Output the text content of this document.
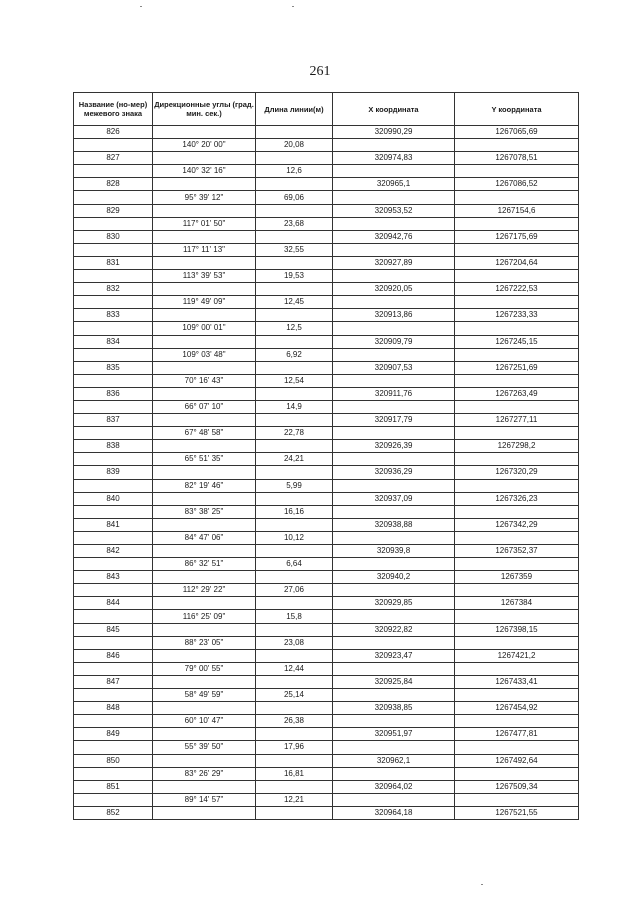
261
Название (но-мер) межевого знака	Дирекционные углы (град. мин. сек.)	Длина линии(м)	X координата	Y координата
826			320990,29	1267065,69
	140° 20' 00"	20,08		
827			320974,83	1267078,51
	140° 32' 16"	12,6		
828			320965,1	1267086,52
	95° 39' 12"	69,06		
829			320953,52	1267154,6
	117° 01' 50"	23,68		
830			320942,76	1267175,69
	117° 11' 13"	32,55		
831			320927,89	1267204,64
	113° 39' 53"	19,53		
832			320920,05	1267222,53
	119° 49' 09"	12,45		
833			320913,86	1267233,33
	109° 00' 01"	12,5		
834			320909,79	1267245,15
	109° 03' 48"	6,92		
835			320907,53	1267251,69
	70° 16' 43"	12,54		
836			320911,76	1267263,49
	66° 07' 10"	14,9		
837			320917,79	1267277,11
	67° 48' 58"	22,78		
838			320926,39	1267298,2
	65° 51' 35"	24,21		
839			320936,29	1267320,29
	82° 19' 46"	5,99		
840			320937,09	1267326,23
	83° 38' 25"	16,16		
841			320938,88	1267342,29
	84° 47' 06"	10,12		
842			320939,8	1267352,37
	86° 32' 51"	6,64		
843			320940,2	1267359
	112° 29' 22"	27,06		
844			320929,85	1267384
	116° 25' 09"	15,8		
845			320922,82	1267398,15
	88° 23' 05"	23,08		
846			320923,47	1267421,2
	79° 00' 55"	12,44		
847			320925,84	1267433,41
	58° 49' 59"	25,14		
848			320938,85	1267454,92
	60° 10' 47"	26,38		
849			320951,97	1267477,81
	55° 39' 50"	17,96		
850			320962,1	1267492,64
	83° 26' 29"	16,81		
851			320964,02	1267509,34
	89° 14' 57"	12,21		
852			320964,18	1267521,55
